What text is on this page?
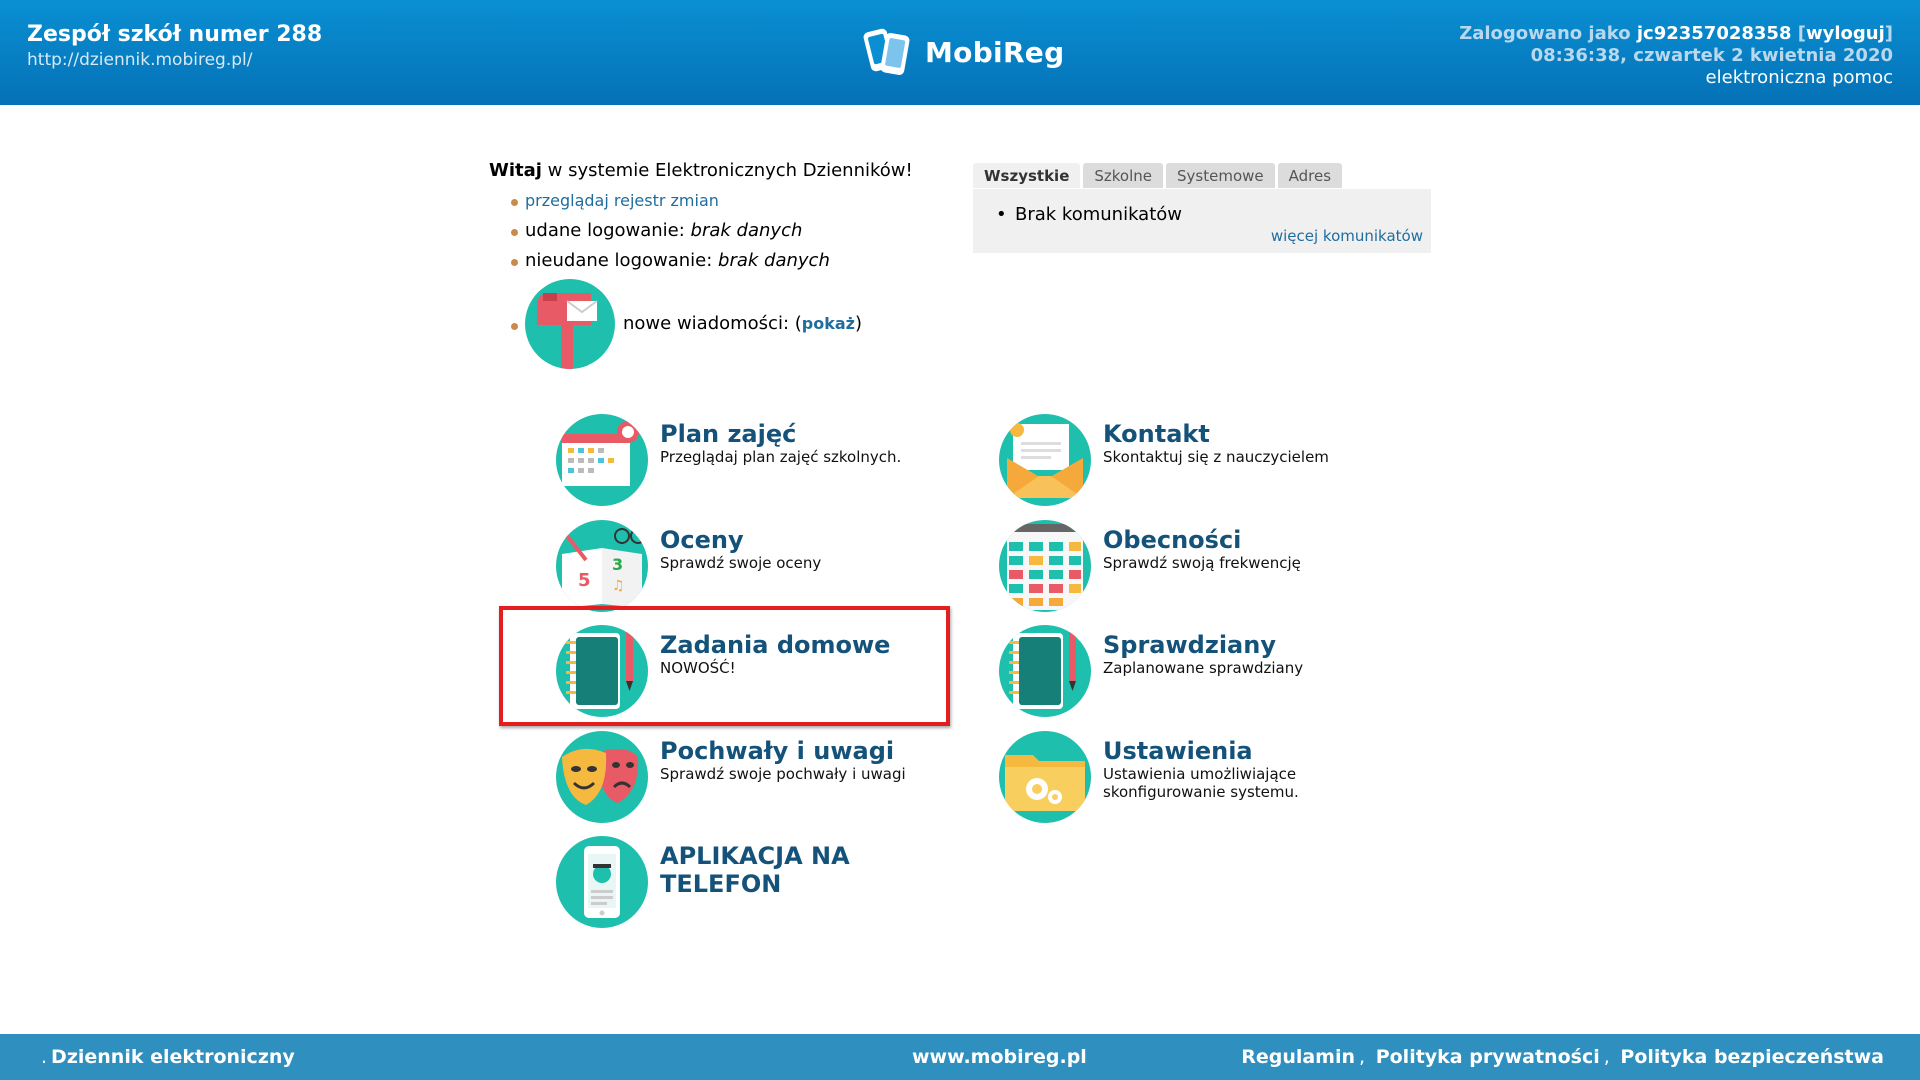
Zespół szkół numer 288
http://dziennik.mobireg.pl/	MobiReg
Zalogowano jako jc92357028358 [wyloguj]
08:36:38, czwartek 2 kwietnia 2020
elektroniczna pomoc
Witaj w systemie Elektronicznych Dzienników!
przeglądaj rejestr zmian
udane logowanie: brak danych
nieudane logowanie: brak danych
nowe wiadomości: ( pokaż )
Wszystkie	Szkolne	Systemowe	Adres
• Brak komunikatów
więcej komunikatów
Plan zajęć
Przeglądaj plan zajęć szkolnych.
Kontakt
Skontaktuj się z nauczycielem
5
3
♫
Oceny
Sprawdź swoje oceny
Obecności
Sprawdź swoją frekwencję
Zadania domowe
NOWOŚĆ!
Sprawdziany
Zaplanowane sprawdziany
Pochwały i uwagi
Sprawdź swoje pochwały i uwagi
Ustawienia
Ustawienia umożliwiające
skonfigurowanie systemu.
APLIKACJA NA
TELEFON
. Dziennik elektroniczny	www.mobireg.pl	Regulamin , Polityka prywatności , Polityka bezpieczeństwa
